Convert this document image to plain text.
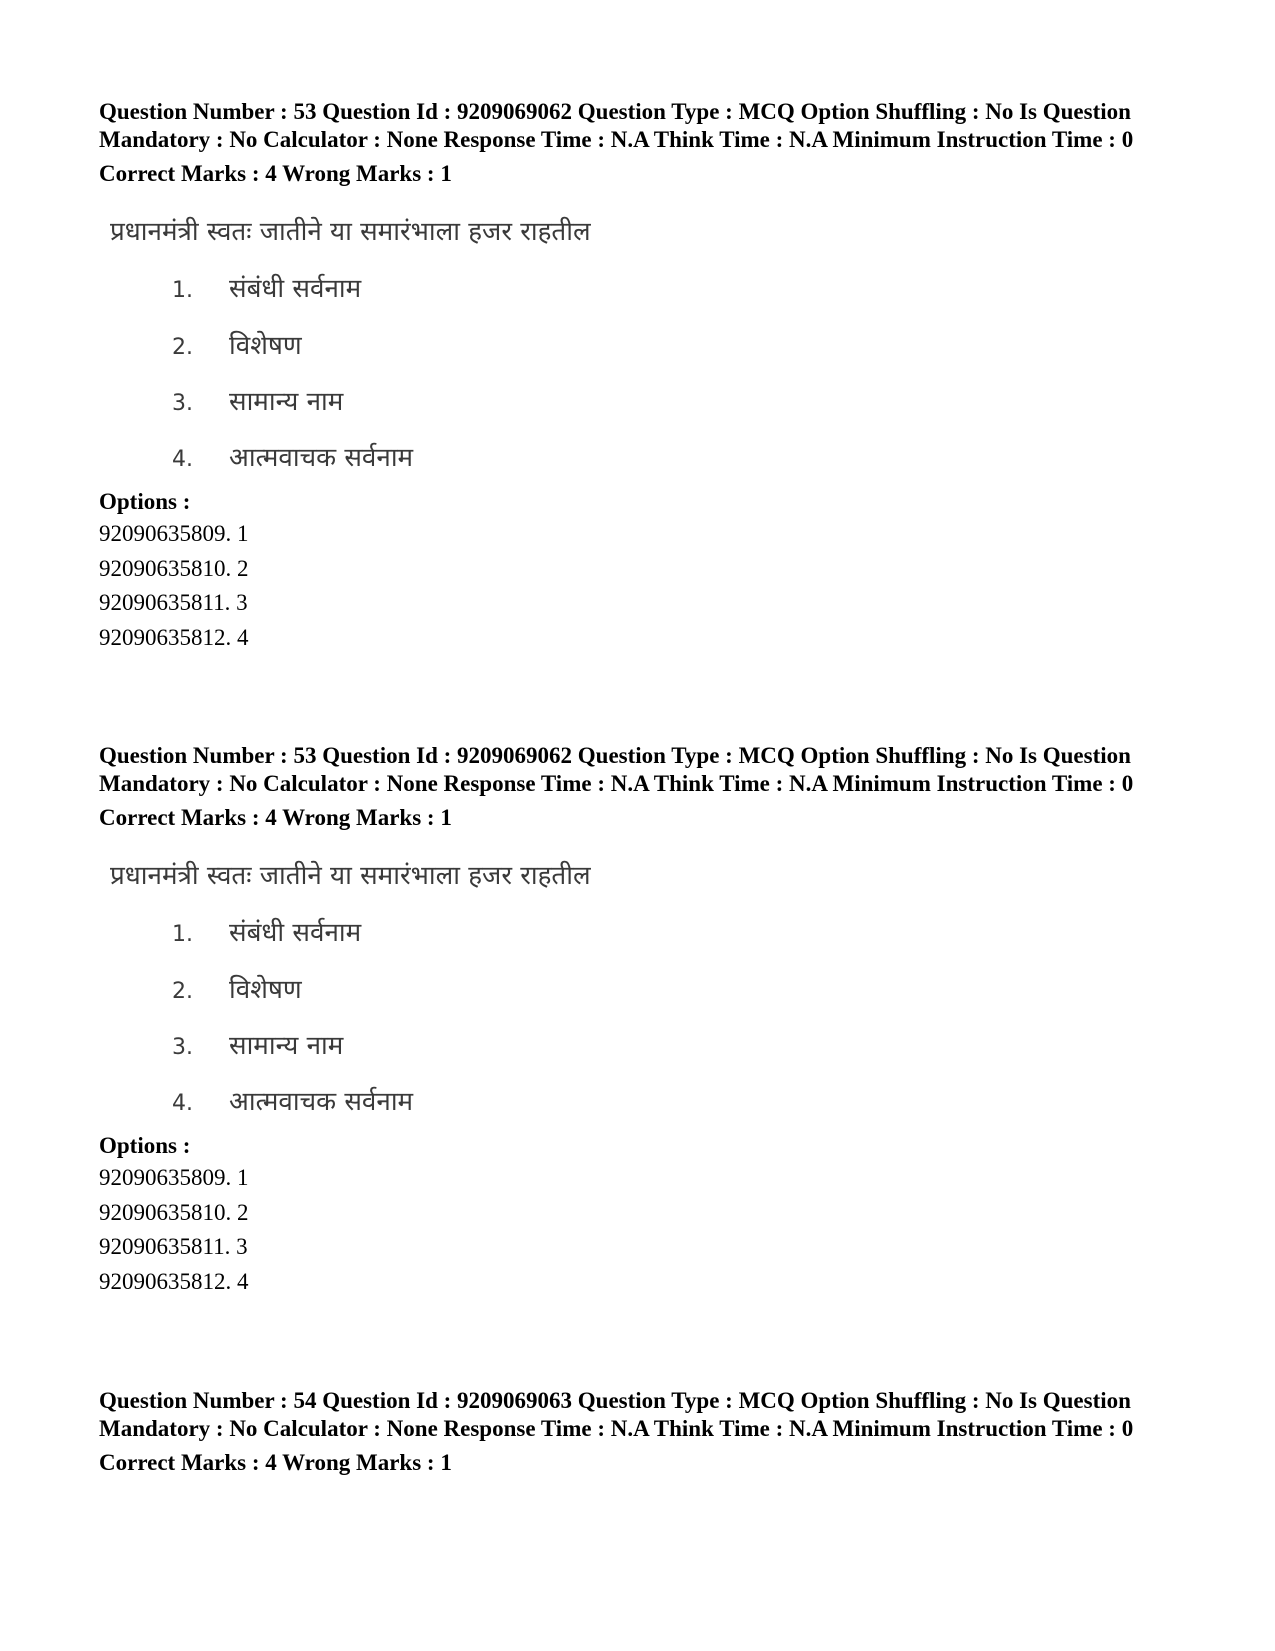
Question Number : 53 Question Id : 9209069062 Question Type : MCQ Option Shuffling : No Is Question Mandatory : No Calculator : None Response Time : N.A Think Time : N.A Minimum Instruction Time : 0

Correct Marks : 4 Wrong Marks : 1
प्रधानमंत्री स्वतः जातीने या समारंभाला हजर राहतील
1. संबंधी सर्वनाम
2. विशेषण
3. सामान्य नाम
4. आत्मवाचक सर्वनाम
Options :
92090635809. 1
92090635810. 2
92090635811. 3
92090635812. 4

Question Number : 53 Question Id : 9209069062 Question Type : MCQ Option Shuffling : No Is Question Mandatory : No Calculator : None Response Time : N.A Think Time : N.A Minimum Instruction Time : 0

Correct Marks : 4 Wrong Marks : 1
प्रधानमंत्री स्वतः जातीने या समारंभाला हजर राहतील
1. संबंधी सर्वनाम
2. विशेषण
3. सामान्य नाम
4. आत्मवाचक सर्वनाम
Options :
92090635809. 1
92090635810. 2
92090635811. 3
92090635812. 4

Question Number : 54 Question Id : 9209069063 Question Type : MCQ Option Shuffling : No Is Question Mandatory : No Calculator : None Response Time : N.A Think Time : N.A Minimum Instruction Time : 0

Correct Marks : 4 Wrong Marks : 1
